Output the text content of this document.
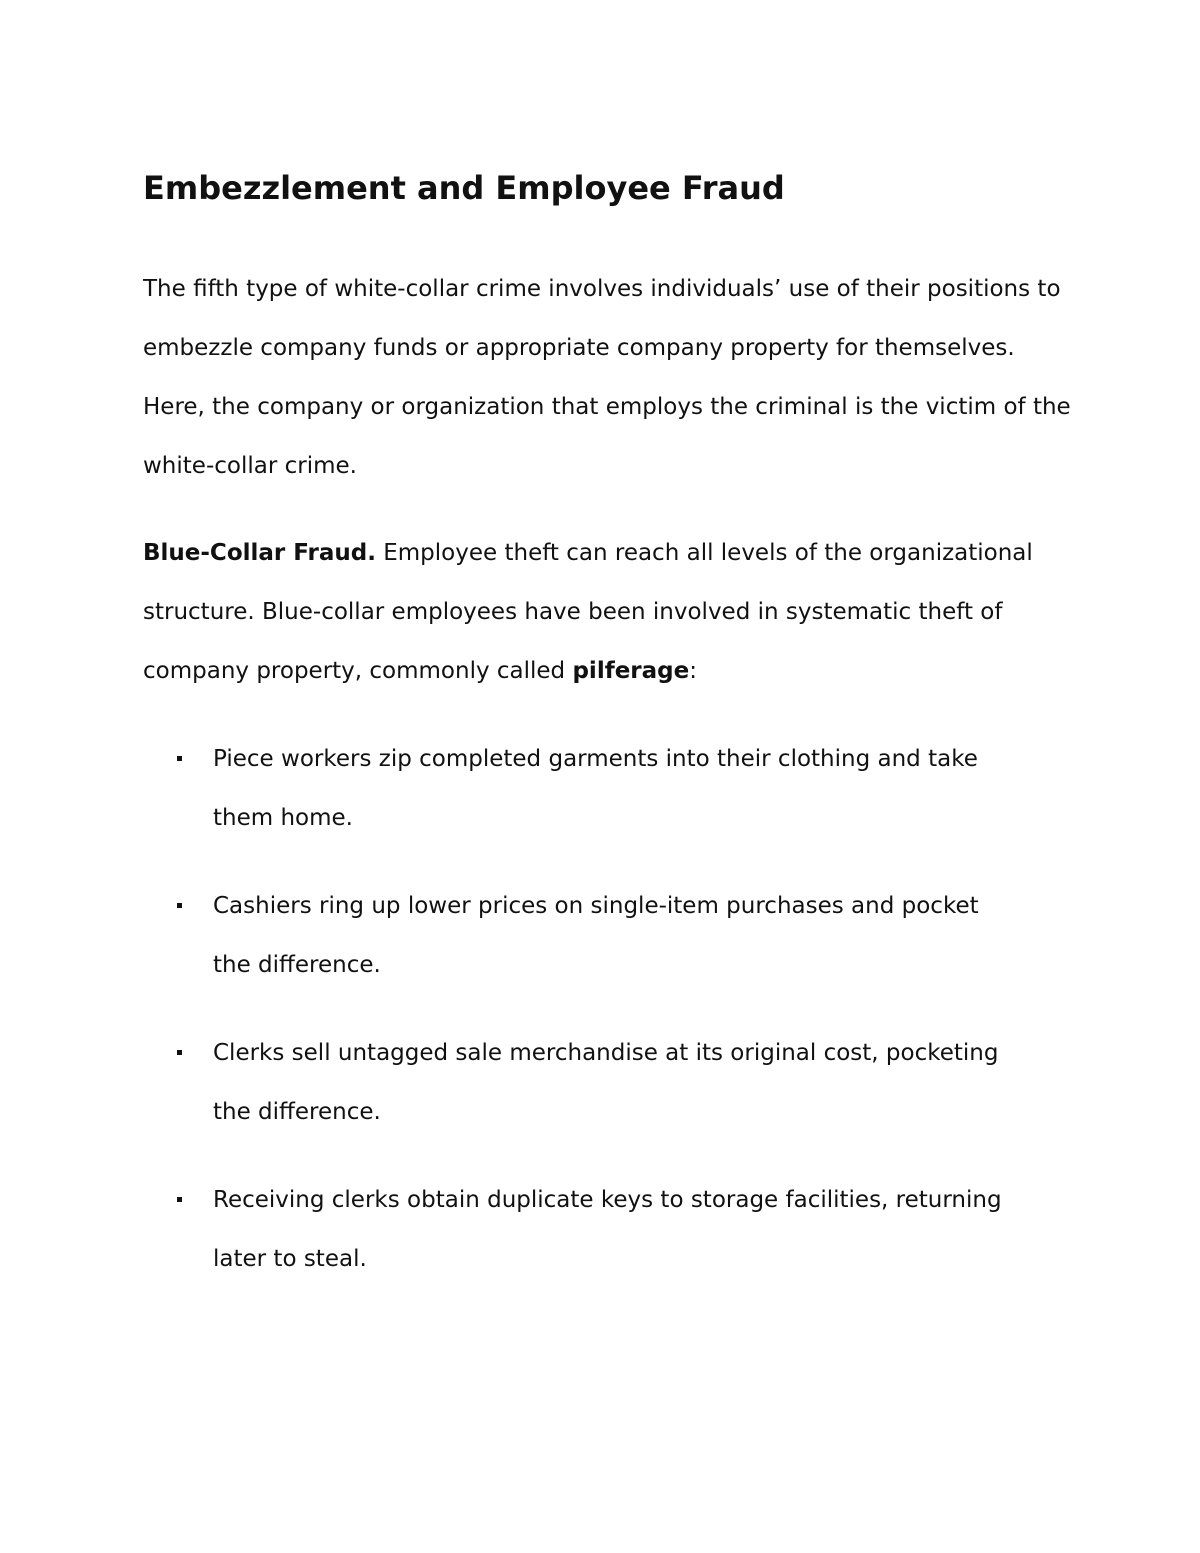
Embezzlement and Employee Fraud

The fifth type of white-collar crime involves individuals’ use of their positions to embezzle company funds or appropriate company property for themselves. Here, the company or organization that employs the criminal is the victim of the white-collar crime.

Blue-Collar Fraud. Employee theft can reach all levels of the organizational structure. Blue-collar employees have been involved in systematic theft of company property, commonly called pilferage:

Piece workers zip completed garments into their clothing and take them home.
Cashiers ring up lower prices on single-item purchases and pocket the difference.
Clerks sell untagged sale merchandise at its original cost, pocketing the difference.
Receiving clerks obtain duplicate keys to storage facilities, returning later to steal.
